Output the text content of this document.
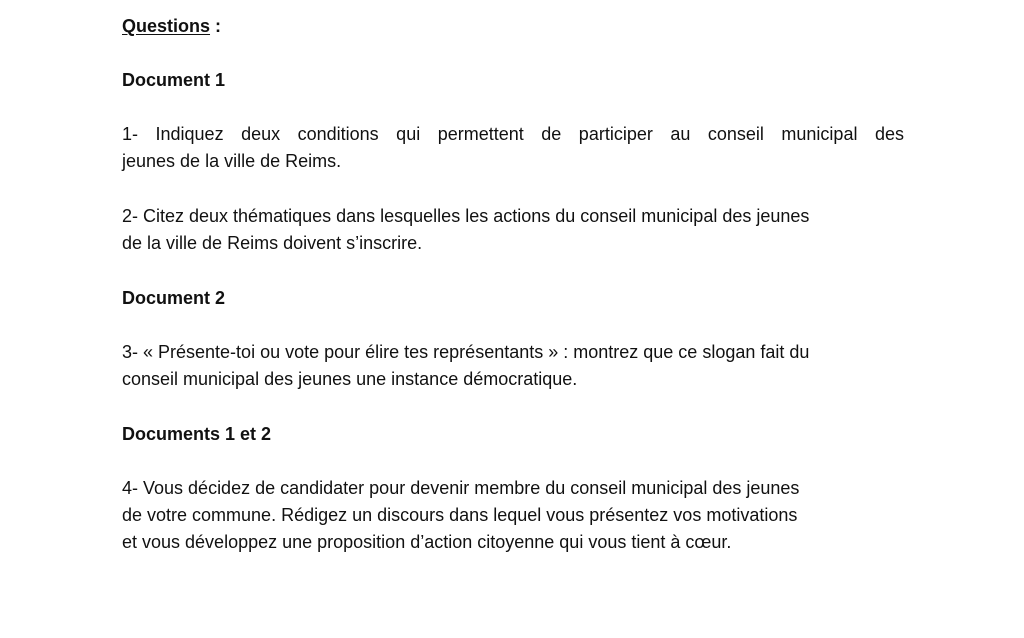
Questions :
Document 1
1- Indiquez deux conditions qui permettent de participer au conseil municipal des
jeunes de la ville de Reims.
2- Citez deux thématiques dans lesquelles les actions du conseil municipal des jeunes
de la ville de Reims doivent s’inscrire.
Document 2
3- « Présente-toi ou vote pour élire tes représentants » : montrez que ce slogan fait du
conseil municipal des jeunes une instance démocratique.
Documents 1 et 2
4- Vous décidez de candidater pour devenir membre du conseil municipal des jeunes
de votre commune. Rédigez un discours dans lequel vous présentez vos motivations
et vous développez une proposition d’action citoyenne qui vous tient à cœur.
